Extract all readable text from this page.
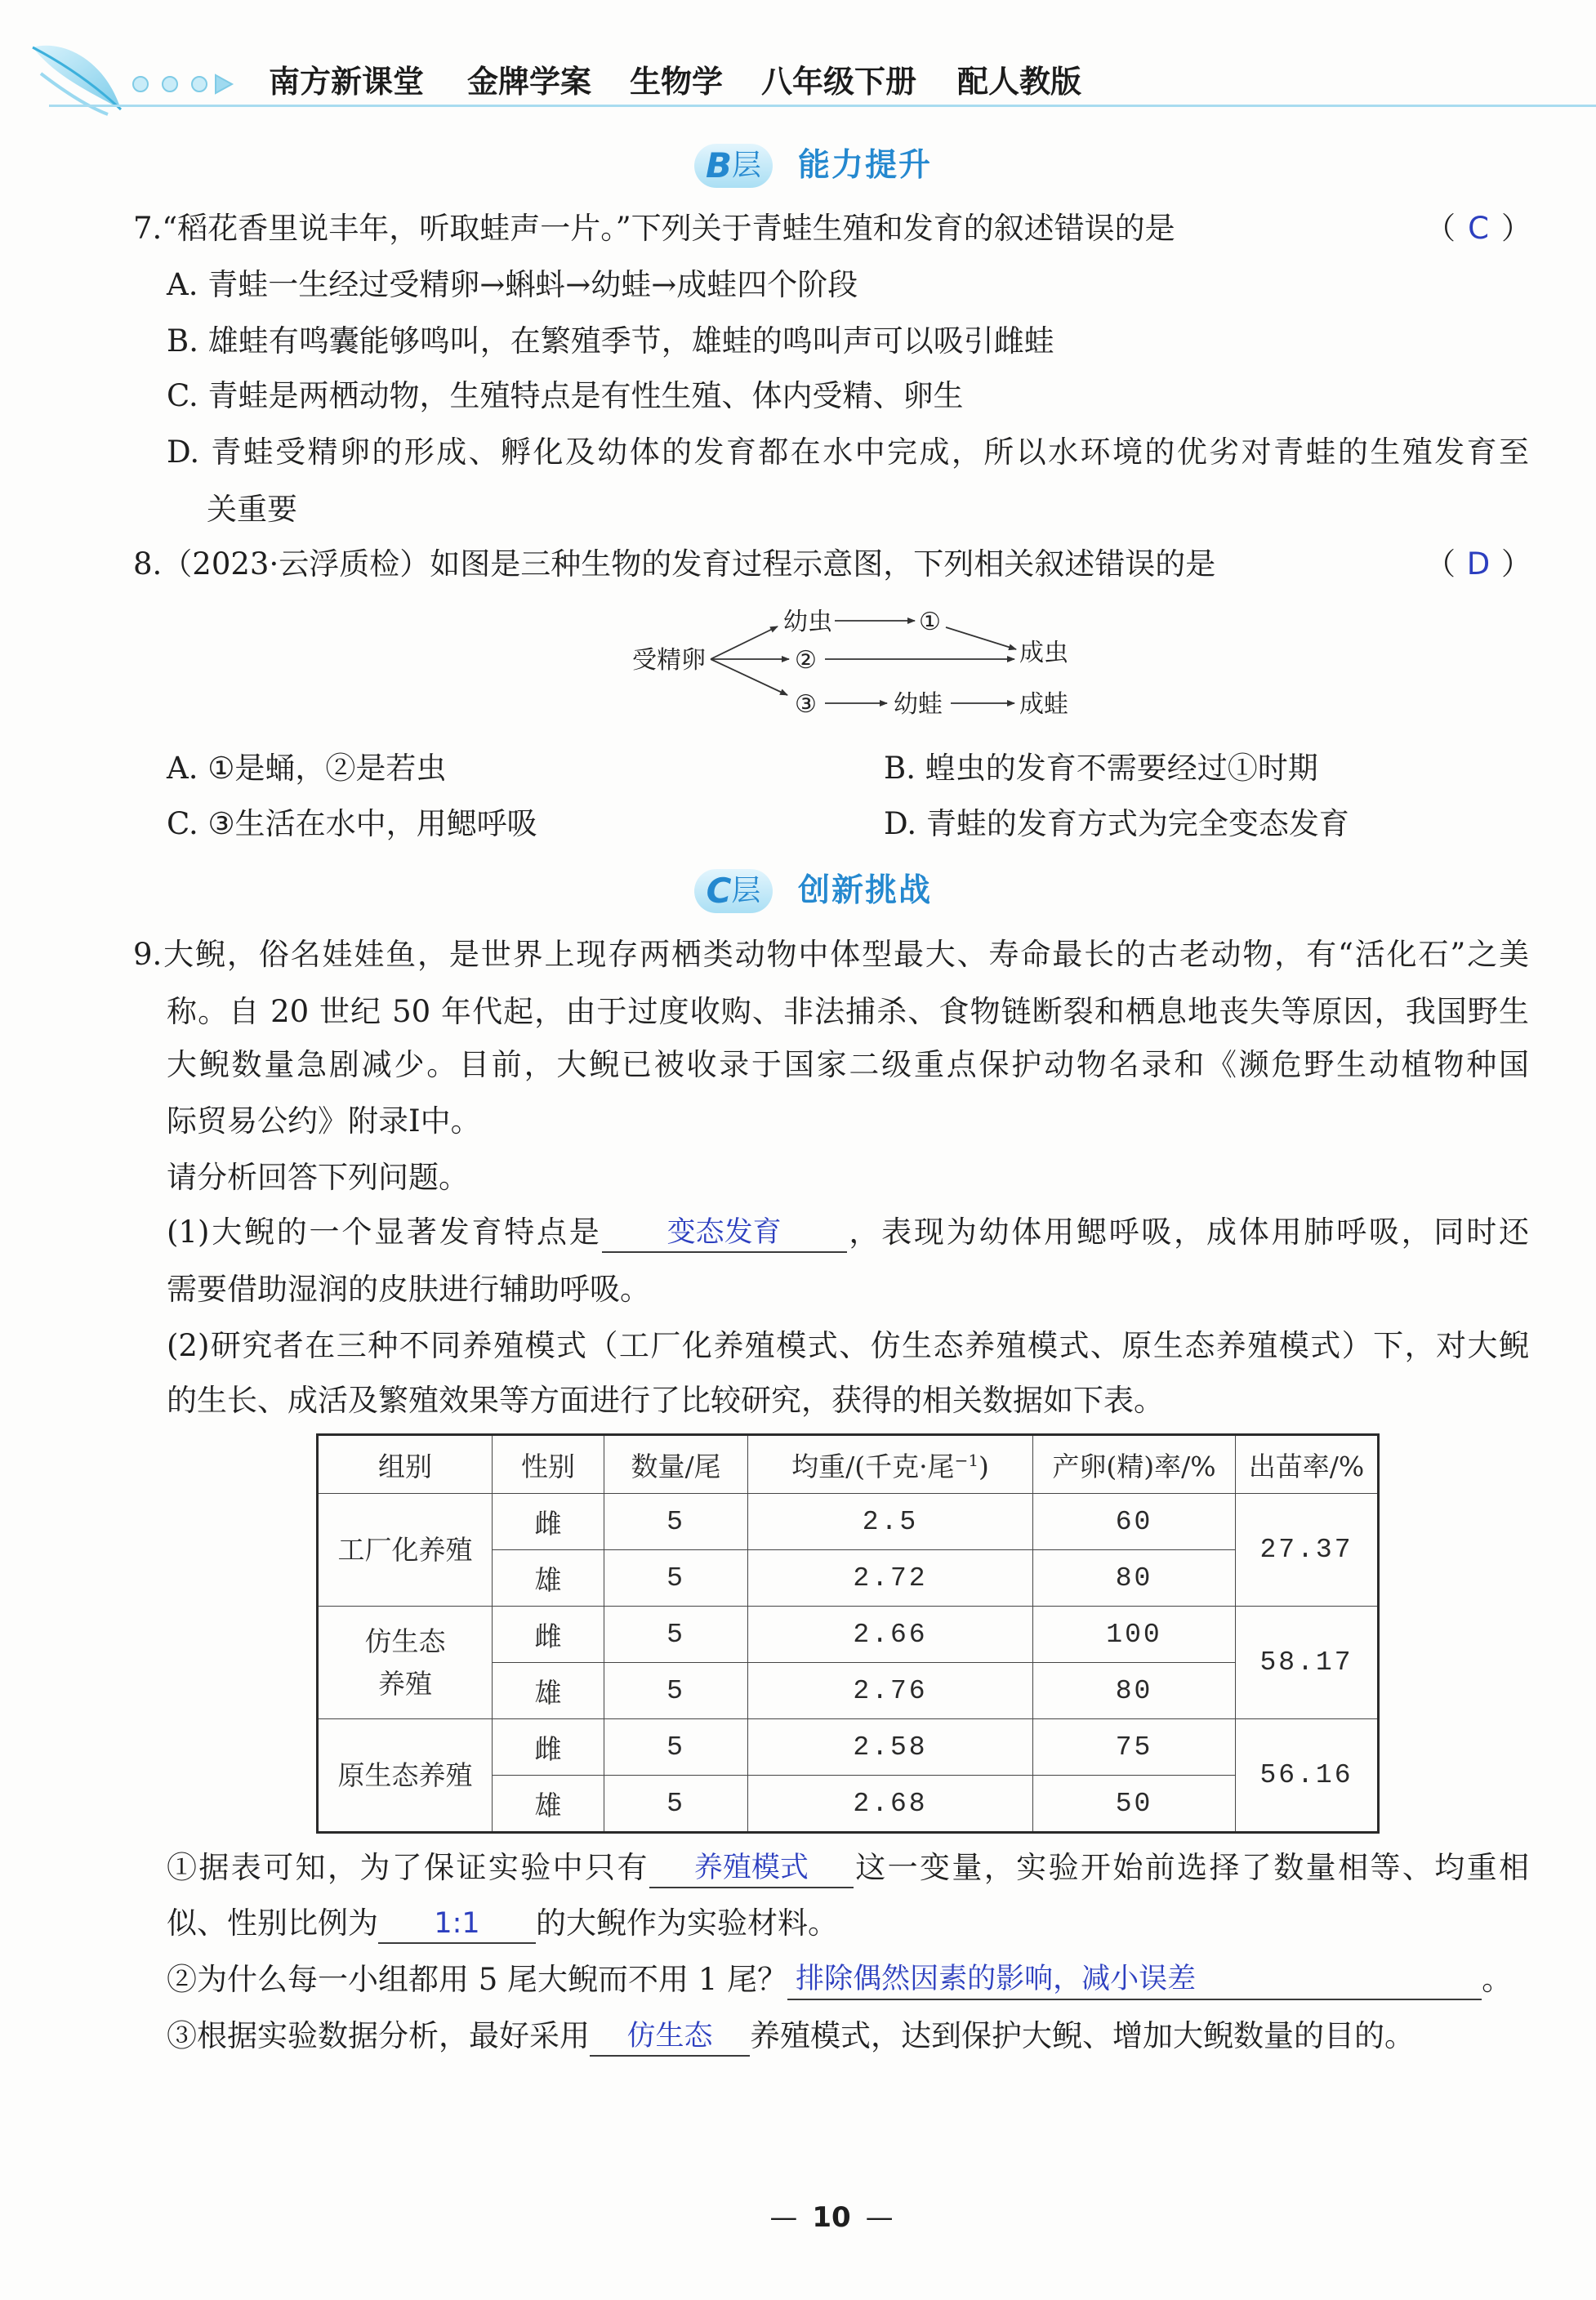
南方新课堂 金牌学案 生物学 八年级下册 配人教版
B 层 能力提升
7.“稻花香里说丰年，听取蛙声一片。”下列关于青蛙生殖和发育的叙述错误的是	（ C ）
A. 青蛙一生经过受精卵→蝌蚪→幼蛙→成蛙四个阶段
B. 雄蛙有鸣囊能够鸣叫，在繁殖季节，雄蛙的鸣叫声可以吸引雌蛙
C. 青蛙是两栖动物，生殖特点是有性生殖、体内受精、卵生
D. 青蛙受精卵的形成、孵化及幼体的发育都在水中完成，所以水环境的优劣对青蛙的生殖发育至
关重要
8.（2023·云浮质检）如图是三种生物的发育过程示意图，下列相关叙述错误的是	（ D ）
受精卵
幼虫	①
成虫
②
③	幼蛙	成蛙
A. ①是蛹，②是若虫	B. 蝗虫的发育不需要经过①时期
C. ③生活在水中，用鳃呼吸	D. 青蛙的发育方式为完全变态发育
C 层 创新挑战
9.大鲵，俗名娃娃鱼，是世界上现存两栖类动物中体型最大、寿命最长的古老动物，有“活化石”之美
称。自 20 世纪 50 年代起，由于过度收购、非法捕杀、食物链断裂和栖息地丧失等原因，我国野生
大鲵数量急剧减少。目前，大鲵已被收录于国家二级重点保护动物名录和《濒危野生动植物种国
际贸易公约》附录Ⅰ中。
请分析回答下列问题。
(1)大鲵的一个显著发育特点是 变态发育 ，表现为幼体用鳃呼吸，成体用肺呼吸，同时还
需要借助湿润的皮肤进行辅助呼吸。
(2)研究者在三种不同养殖模式（工厂化养殖模式、仿生态养殖模式、原生态养殖模式）下，对大鲵
的生长、成活及繁殖效果等方面进行了比较研究，获得的相关数据如下表。
组别	性别	数量/尾	均重/(千克·尾$^{-1}$)	产卵(精)率/%	出苗率/%

工厂化养殖	雌	5	2.5	60	27.37
	雄	5	2.72	80	

仿生态
养殖	雌	5	2.66	100	58.17
	雄	5	2.76	80	

原生态养殖	雌	5	2.58	75	56.16
	雄	5	2.68	50	
①据表可知，为了保证实验中只有 养殖模式 这一变量，实验开始前选择了数量相等、均重相
似、性别比例为 1:1 的大鲵作为实验材料。
②为什么每一小组都用 5 尾大鲵而不用 1 尾？ 排除偶然因素的影响，减小误差	。
③根据实验数据分析，最好采用 仿生态 养殖模式，达到保护大鲵、增加大鲵数量的目的。
— 10 —
